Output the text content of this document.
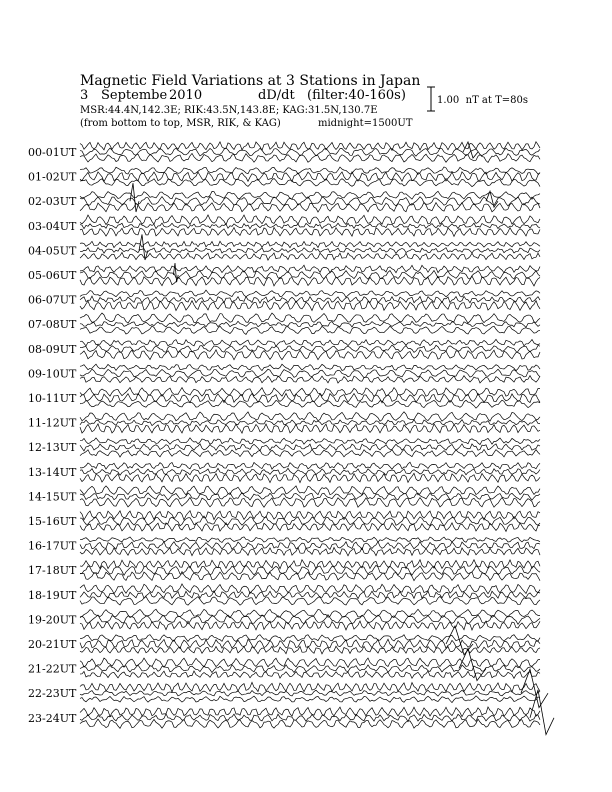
Magnetic Field Variations at 3 Stations in Japan
3 Septembe 2010	dD/dt (filter:40-160s)
MSR:44.4N,142.3E; RIK:43.5N,143.8E; KAG:31.5N,130.7E
(from bottom to top, MSR, RIK, & KAG)	midnight=1500UT
1.00  nT at T=80s
00-01UT
01-02UT
02-03UT
03-04UT
04-05UT
05-06UT
06-07UT
07-08UT
08-09UT
09-10UT
10-11UT
11-12UT
12-13UT
13-14UT
14-15UT
15-16UT
16-17UT
17-18UT
18-19UT
19-20UT
20-21UT
21-22UT
22-23UT
23-24UT
